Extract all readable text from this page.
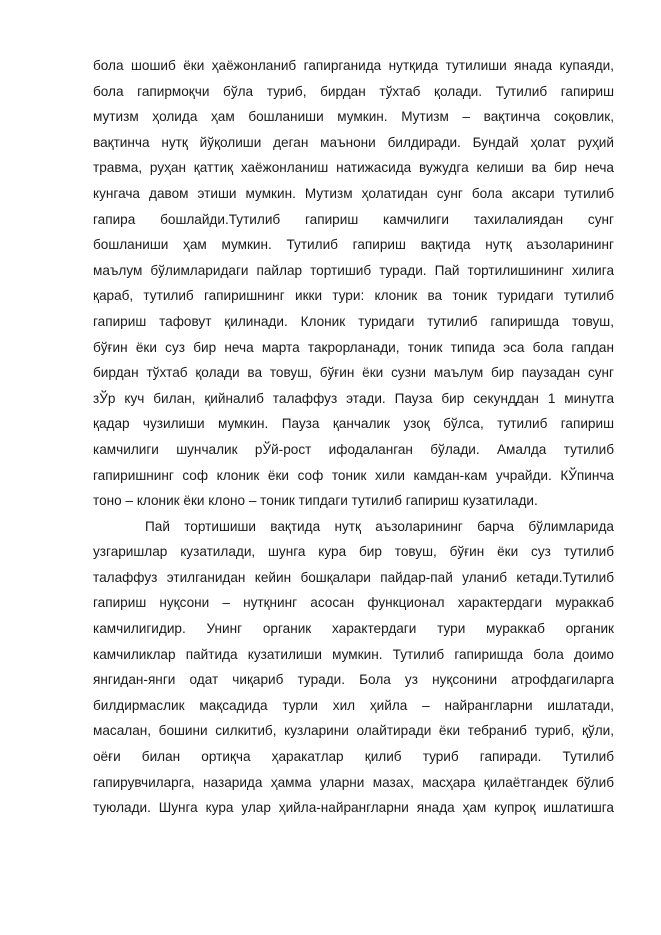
бола шошиб ёки ҳаёжонланиб гапирганида нутқида тутилиши янада купаяди,
бола гапирмоқчи бўла туриб, бирдан тўхтаб қолади. Тутилиб гапириш
мутизм ҳолида ҳам бошланиши мумкин. Мутизм – вақтинча соқовлик,
вақтинча нутқ йўқолиши деган маънони билдиради. Бундай ҳолат руҳий
травма, руҳан қаттиқ хаёжонланиш натижасида вужудга келиши ва бир неча
кунгача давом этиши мумкин. Мутизм ҳолатидан сунг бола аксари тутилиб
гапира бошлайди.Тутилиб гапириш камчилиги тахилалиядан сунг
бошланиши ҳам мумкин. Тутилиб гапириш вақтида нутқ аъзоларининг
маълум бўлимларидаги пайлар тортишиб туради. Пай тортилишининг хилига
қараб, тутилиб гапиришнинг икки тури: клоник ва тоник туридаги тутилиб
гапириш тафовут қилинади. Клоник туридаги тутилиб гапиришда товуш,
бўғин ёки суз бир неча марта такрорланади, тоник типида эса бола гапдан
бирдан тўхтаб қолади ва товуш, бўғин ёки сузни маълум бир паузадан сунг
зЎр куч билан, қийналиб талаффуз этади. Пауза бир секунддан 1 минутга
қадар чузилиши мумкин. Пауза қанчалик узоқ бўлса, тутилиб гапириш
камчилиги шунчалик рЎй-рост ифодаланган бўлади. Амалда тутилиб
гапиришнинг соф клоник ёки соф тоник хили камдан-кам учрайди. КЎпинча
тоно – клоник ёки клоно – тоник типдаги тутилиб гапириш кузатилади.
Пай тортишиши вақтида нутқ аъзоларининг барча бўлимларида
узгаришлар кузатилади, шунга кура бир товуш, бўғин ёки суз тутилиб
талаффуз этилганидан кейин бошқалари пайдар-пай уланиб кетади.Тутилиб
гапириш нуқсони – нутқнинг асосан функционал характердаги мураккаб
камчилигидир. Унинг органик характердаги тури мураккаб органик
камчиликлар пайтида кузатилиши мумкин. Тутилиб гапиришда бола доимо
янгидан-янги одат чиқариб туради. Бола уз нуқсонини атрофдагиларга
билдирмаслик мақсадида турли хил ҳийла – найрангларни ишлатади,
масалан, бошини силкитиб, кузларини олайтиради ёки тебраниб туриб, қўли,
оёғи билан ортиқча ҳаракатлар қилиб туриб гапиради. Тутилиб
гапирувчиларга, назарида ҳамма уларни мазах, масҳара қилаётгандек бўлиб
туюлади. Шунга кура улар ҳийла-найрангларни янада ҳам купроқ ишлатишга
